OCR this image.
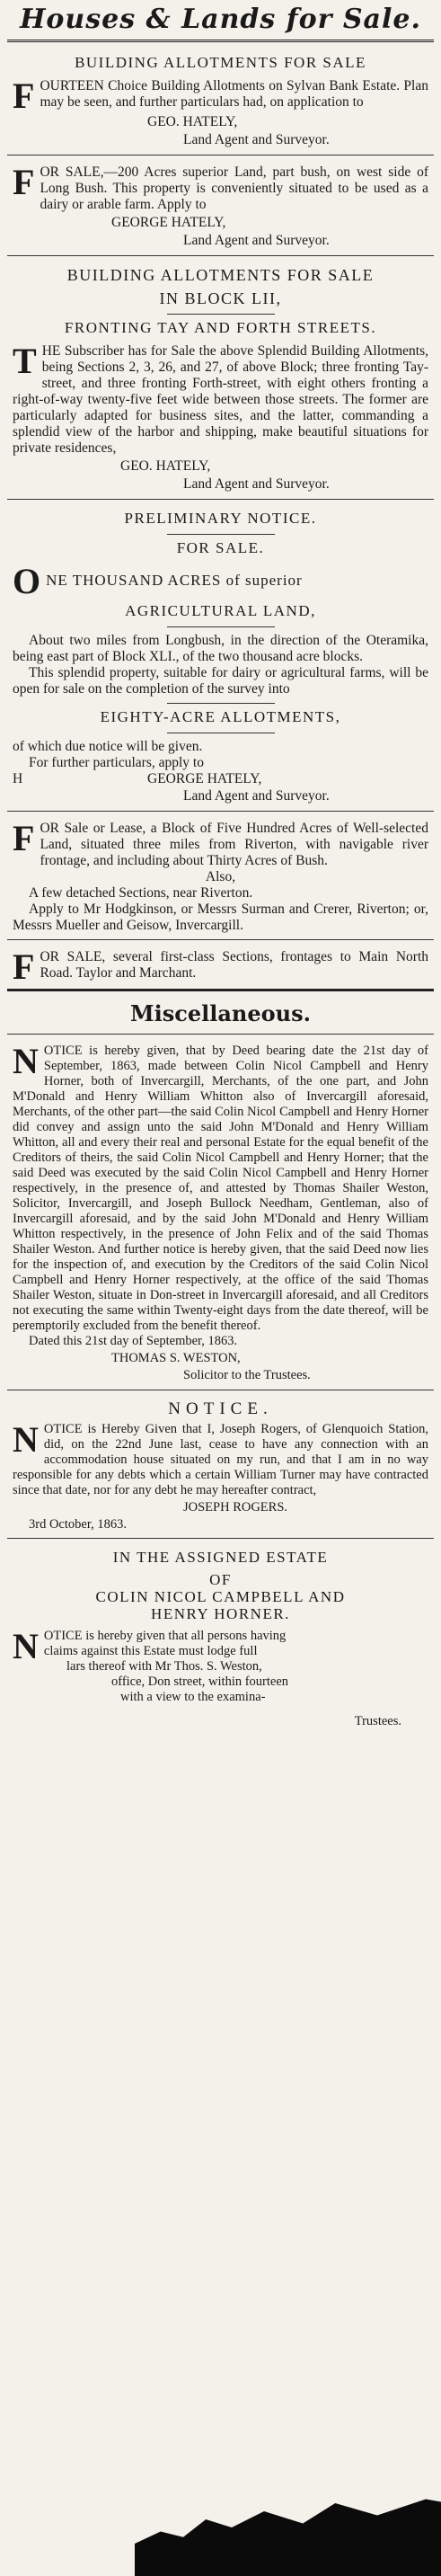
Houses & Lands for Sale.
BUILDING ALLOTMENTS FOR SALE
F OURTEEN Choice Building Allotments on Sylvan Bank Estate. Plan may be seen, and further particulars had, on application to

GEO. HATELY,
Land Agent and Surveyor.
F OR SALE,—200 Acres superior Land, part bush, on west side of Long Bush. This property is conveniently situated to be used as a dairy or arable farm. Apply to

GEORGE HATELY,
Land Agent and Surveyor.
BUILDING ALLOTMENTS FOR SALE
IN BLOCK LII,
FRONTING TAY AND FORTH STREETS.
T HE Subscriber has for Sale the above Splendid Building Allotments, being Sections 2, 3, 26, and 27, of above Block; three fronting Tay-street, and three fronting Forth-street, with eight others fronting a right-of-way twenty-five feet wide between those streets. The former are particularly adapted for business sites, and the latter, commanding a splendid view of the harbor and shipping, make beautiful situations for private residences,

GEO. HATELY,
Land Agent and Surveyor.
PRELIMINARY NOTICE.
FOR SALE.
O NE THOUSAND ACRES of superior
AGRICULTURAL LAND,

About two miles from Longbush, in the direction of the Oteramika, being east part of Block XLI., of the two thousand acre blocks.

This splendid property, suitable for dairy or agricultural farms, will be open for sale on the completion of the survey into

EIGHTY-ACRE ALLOTMENTS,

of which due notice will be given.

For further particulars, apply to

H	GEORGE HATELY,
Land Agent and Surveyor.
F OR Sale or Lease, a Block of Five Hundred Acres of Well-selected Land, situated three miles from Riverton, with navigable river frontage, and including about Thirty Acres of Bush.

Also,

A few detached Sections, near Riverton.

Apply to Mr Hodgkinson, or Messrs Surman and Crerer, Riverton; or, Messrs Mueller and Geisow, Invercargill.

F OR SALE, several first-class Sections, frontages to Main North Road. Taylor and Marchant.

Miscellaneous.
N OTICE is hereby given, that by Deed bearing date the 21st day of September, 1863, made between Colin Nicol Campbell and Henry Horner, both of Invercargill, Merchants, of the one part, and John M'Donald and Henry William Whitton also of Invercargill aforesaid, Merchants, of the other part—the said Colin Nicol Campbell and Henry Horner did convey and assign unto the said John M'Donald and Henry William Whitton, all and every their real and personal Estate for the equal benefit of the Creditors of theirs, the said Colin Nicol Campbell and Henry Horner; that the said Deed was executed by the said Colin Nicol Campbell and Henry Horner respectively, in the presence of, and attested by Thomas Shailer Weston, Solicitor, Invercargill, and Joseph Bullock Needham, Gentleman, also of Invercargill aforesaid, and by the said John M'Donald and Henry William Whitton respectively, in the presence of John Felix and of the said Thomas Shailer Weston. And further notice is hereby given, that the said Deed now lies for the inspection of, and execution by the Creditors of the said Colin Nicol Campbell and Henry Horner respectively, at the office of the said Thomas Shailer Weston, situate in Don-street in Invercargill aforesaid, and all Creditors not executing the same within Twenty-eight days from the date thereof, will be peremptorily excluded from the benefit thereof.

Dated this 21st day of September, 1863.

THOMAS S. WESTON,
Solicitor to the Trustees.
NOTICE.
N OTICE is Hereby Given that I, Joseph Rogers, of Glenquoich Station, did, on the 22nd June last, cease to have any connection with an accommodation house situated on my run, and that I am in no way responsible for any debts which a certain William Turner may have contracted since that date, nor for any debt he may hereafter contract,

JOSEPH ROGERS.

3rd October, 1863.

IN THE ASSIGNED ESTATE
OF
COLIN NICOL CAMPBELL AND
HENRY HORNER.
N OTICE is hereby given that all persons having
claims against this Estate must lodge full
lars thereof with Mr Thos. S. Weston,
office, Don street, within fourteen
with a view to the examina-
Trustees.
